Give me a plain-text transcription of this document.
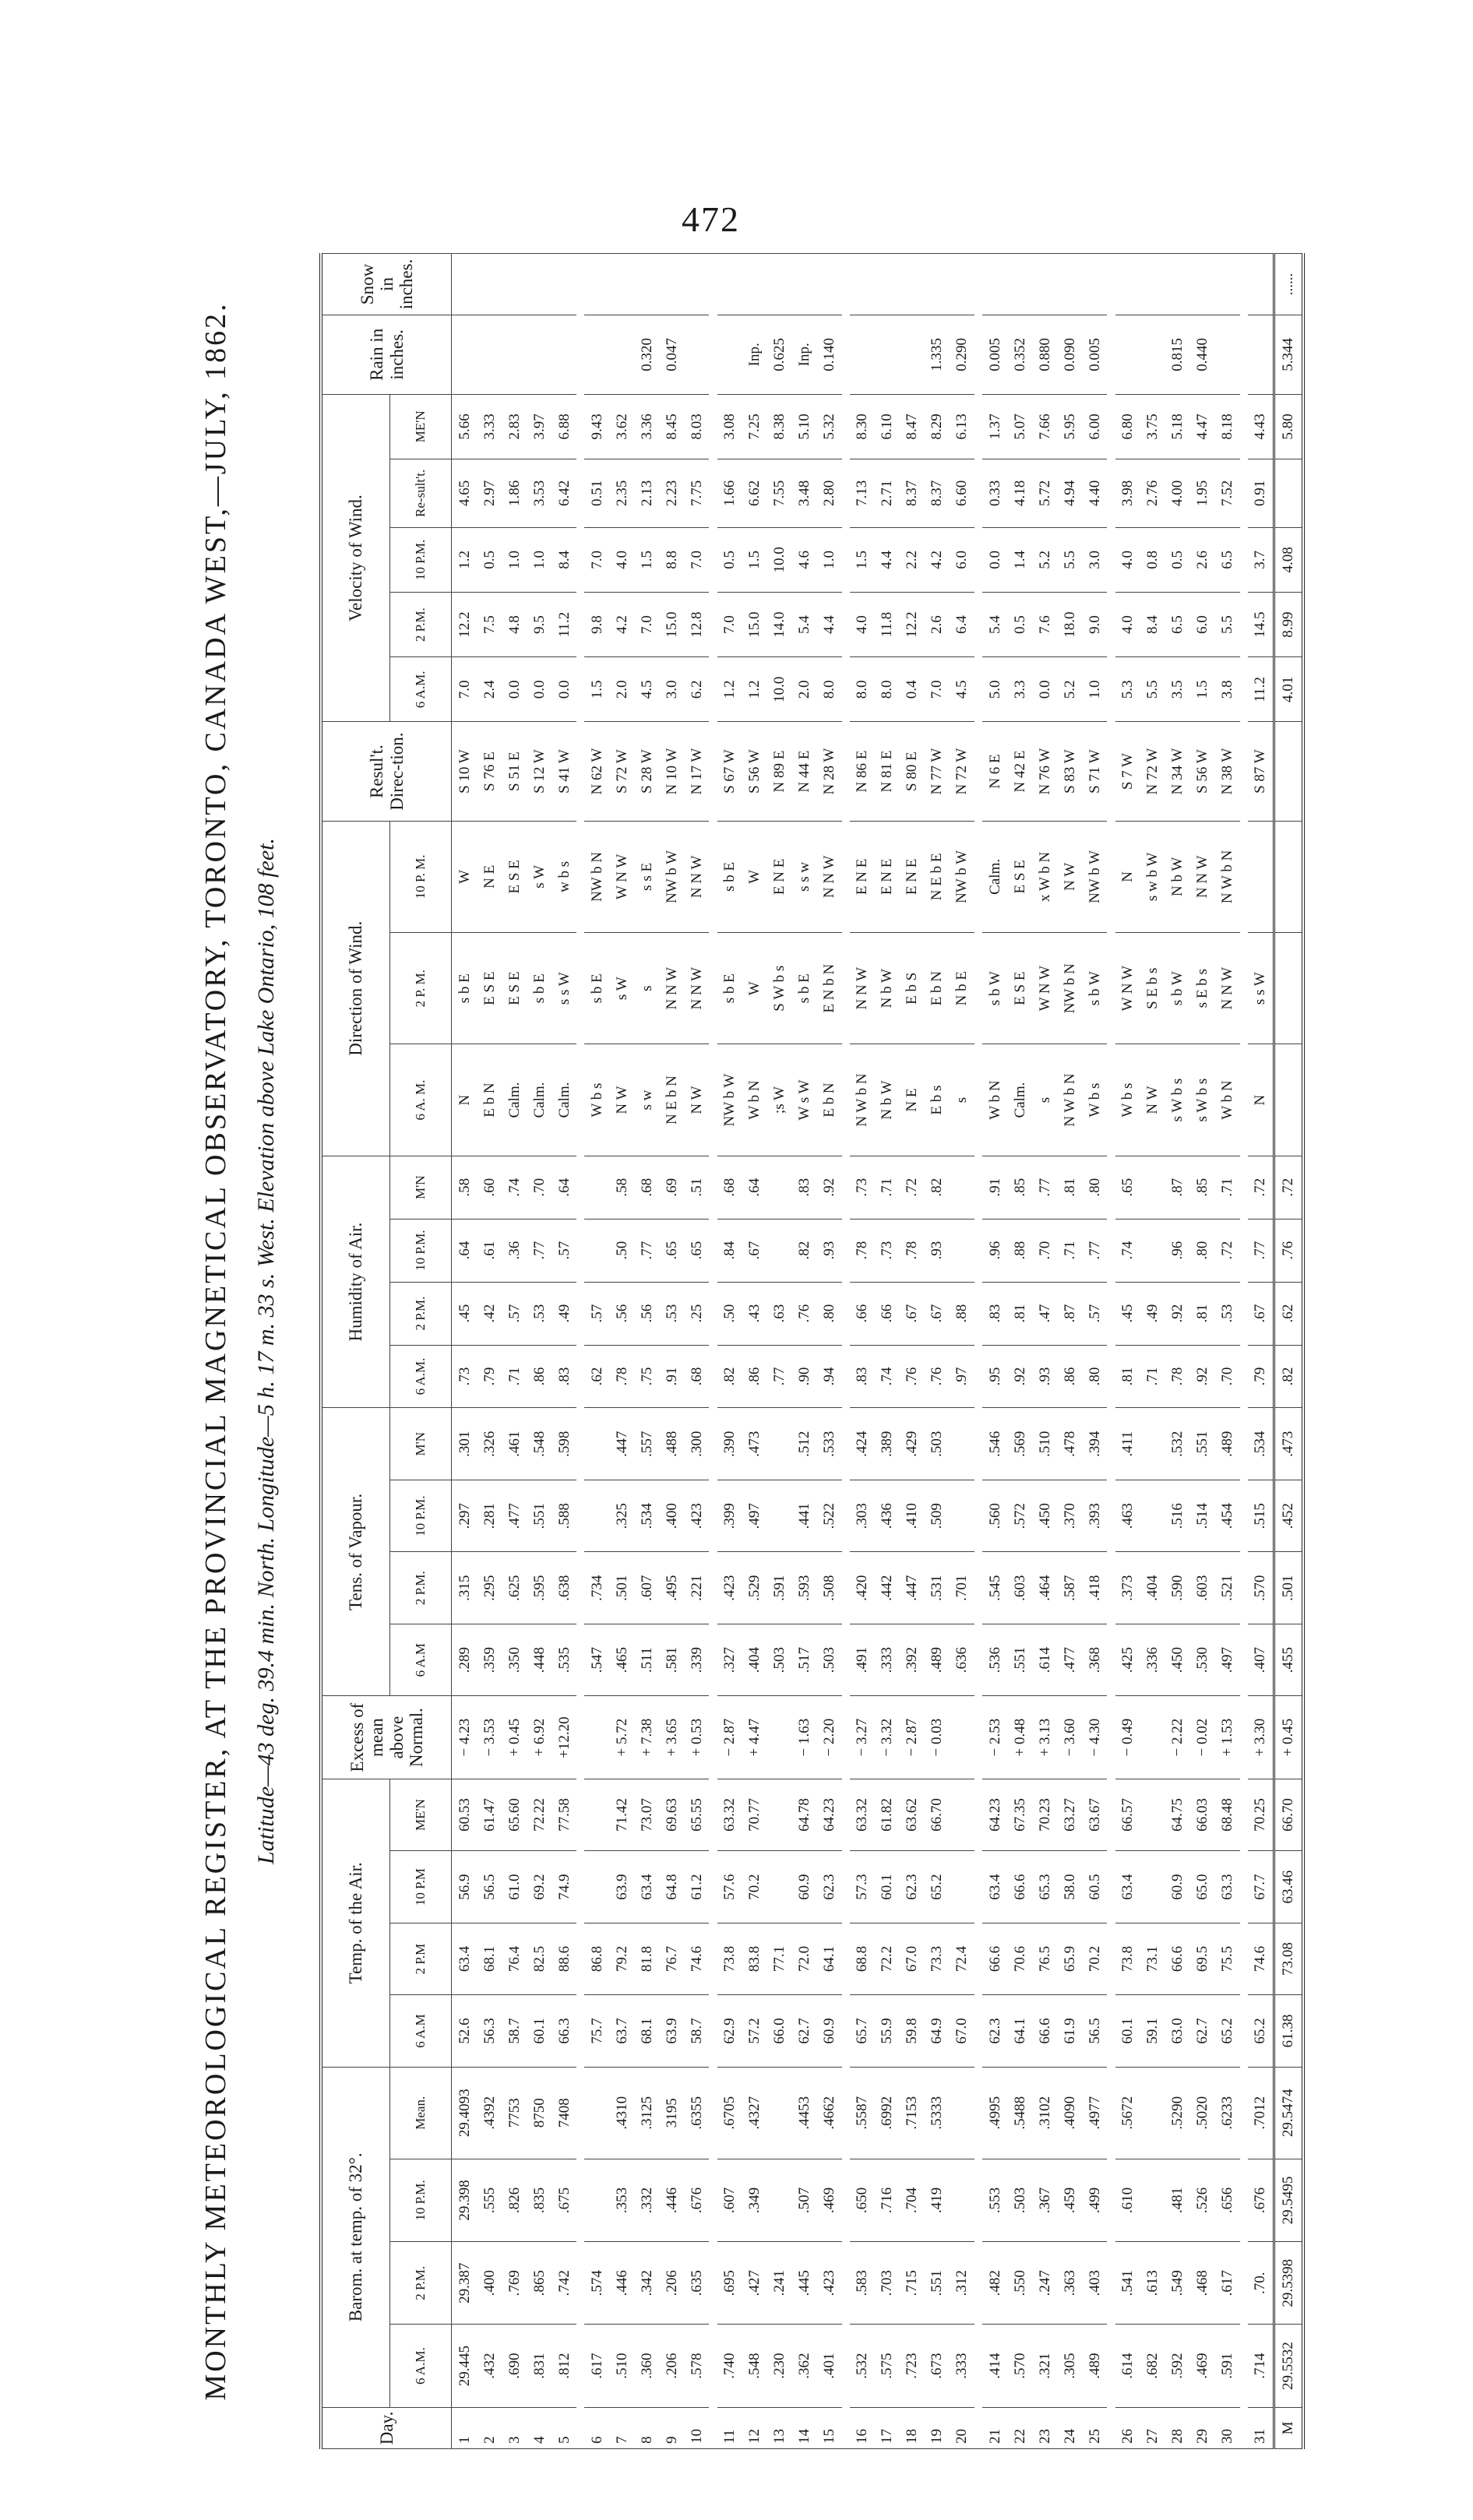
472
MONTHLY METEOROLOGICAL REGISTER, AT THE PROVINCIAL MAGNETICAL OBSERVATORY, TORONTO, CANADA WEST,—JULY, 1862. Latitude—43 deg. 39.4 min. North. Longitude—5 h. 17 m. 33 s. West. Elevation above Lake Ontario, 108 feet.
Day.	Barom. at temp. of 32°.				Temp. of the Air.				Excess of mean above Normal.	Tens. of Vapour.				Humidity of Air.				Direction of Wind.			Resul't. Direc-tion.	Velocity of Wind.					Rain in inches.	Snow in inches.
	6 A.M.	2 P.M.	10 P.M.	Mean.	6 A.M	2 P.M	10 P.M	ME'N		6 A.M	2 P.M.	10 P.M.	M'N	6 A.M.	2 P.M.	10 P.M.	M'N	6 A. M.	2 P. M.	10 P. M.		6 A.M.	2 P.M.	10 P.M.	Re-sult't.	ME'N		
1	29.445	29.387	29.398	29.4093	52.6	63.4	56.9	60.53	− 4.23	.289	.315	.297	.301	.73	.45	.64	.58	N	s b E	W	S 10 W	7.0	12.2	1.2	4.65	5.66		
2	.432	.400	.555	.4392	56.3	68.1	56.5	61.47	− 3.53	.359	.295	.281	.326	.79	.42	.61	.60	E b N	E S E	N E	S 76 E	2.4	7.5	0.5	2.97	3.33		
3	.690	.769	.826	7753	58.7	76.4	61.0	65.60	+ 0.45	.350	.625	.477	.461	.71	.57	.36	.74	Calm.	E S E	E S E	S 51 E	0.0	4.8	1.0	1.86	2.83		
4	.831	.865	.835	8750	60.1	82.5	69.2	72.22	+ 6.92	.448	.595	.551	.548	.86	.53	.77	.70	Calm.	s b E	s W	S 12 W	0.0	9.5	1.0	3.53	3.97		
5	.812	.742	.675	7408	66.3	88.6	74.9	77.58	+12.20	.535	.638	.588	.598	.83	.49	.57	.64	Calm.	s s W	w b s	S 41 W	0.0	11.2	8.4	6.42	6.88		

6	.617	.574			75.7	86.8				.547	.734			.62	.57			W b s	s b E	NW b N	N 62 W	1.5	9.8	7.0	0.51	9.43		
7	.510	.446	.353	.4310	63.7	79.2	63.9	71.42	+ 5.72	.465	.501	.325	.447	.78	.56	.50	.58	N W	s W	W N W	S 72 W	2.0	4.2	4.0	2.35	3.62		
8	.360	.342	.332	.3125	68.1	81.8	63.4	73.07	+ 7.38	.511	.607	.534	.557	.75	.56	.77	.68	s w	s	s s E	S 28 W	4.5	7.0	1.5	2.13	3.36	0.320	
9	.206	.206	.446	3195	63.9	76.7	64.8	69.63	+ 3.65	.581	.495	.400	.488	.91	.53	.65	.69	N E b N	N N W	NW b W	N 10 W	3.0	15.0	8.8	2.23	8.45	0.047	
10	.578	.635	.676	.6355	58.7	74.6	61.2	65.55	+ 0.53	.339	.221	.423	.300	.68	.25	.65	.51	N W	N N W	N N W	N 17 W	6.2	12.8	7.0	7.75	8.03		

11	.740	.695	.607	.6705	62.9	73.8	57.6	63.32	− 2.87	.327	.423	.399	.390	.82	.50	.84	.68	NW b W	s b E	s b E	S 67 W	1.2	7.0	0.5	1.66	3.08		
12	.548	.427	.349	.4327	57.2	83.8	70.2	70.77	+ 4.47	.404	.529	.497	.473	.86	.43	.67	.64	W b N	W	W	S 56 W	1.2	15.0	1.5	6.62	7.25	Inp.	
13	.230	.241			66.0	77.1				.503	.591			.77	.63			;s W	S W b s	E N E	N 89 E	10.0	14.0	10.0	7.55	8.38	0.625	
14	.362	.445	.507	.4453	62.7	72.0	60.9	64.78	− 1.63	.517	.593	.441	.512	.90	.76	.82	.83	W s W	s b E	s s w	N 44 E	2.0	5.4	4.6	3.48	5.10	Inp.	
15	.401	.423	.469	.4662	60.9	64.1	62.3	64.23	− 2.20	.503	.508	.522	.533	.94	.80	.93	.92	E b N	E N b N	N N W	N 28 W	8.0	4.4	1.0	2.80	5.32	0.140	

16	.532	.583	.650	.5587	65.7	68.8	57.3	63.32	− 3.27	.491	.420	.303	.424	.83	.66	.78	.73	N W b N	N N W	E N E	N 86 E	8.0	4.0	1.5	7.13	8.30		
17	.575	.703	.716	.6992	55.9	72.2	60.1	61.82	− 3.32	.333	.442	.436	.389	.74	.66	.73	.71	N b W	N b W	E N E	N 81 E	8.0	11.8	4.4	2.71	6.10		
18	.723	.715	.704	.7153	59.8	67.0	62.3	63.62	− 2.87	.392	.447	.410	.429	.76	.67	.78	.72	N E	E b S	E N E	S 80 E	0.4	12.2	2.2	8.37	8.47		
19	.673	.551	.419	.5333	64.9	73.3	65.2	66.70	− 0.03	.489	.531	.509	.503	.76	.67	.93	.82	E b s	E b N	N E b E	N 77 W	7.0	2.6	4.2	8.37	8.29	1.335	
20	.333	.312			67.0	72.4				.636	.701			.97	.88			s	N b E	NW b W	N 72 W	4.5	6.4	6.0	6.60	6.13	0.290	

21	.414	.482	.553	.4995	62.3	66.6	63.4	64.23	− 2.53	.536	.545	.560	.546	.95	.83	.96	.91	W b N	s b W	Calm.	N 6 E	5.0	5.4	0.0	0.33	1.37	0.005	
22	.570	.550	.503	.5488	64.1	70.6	66.6	67.35	+ 0.48	.551	.603	.572	.569	.92	.81	.88	.85	Calm.	E S E	E S E	N 42 E	3.3	0.5	1.4	4.18	5.07	0.352	
23	.321	.247	.367	.3102	66.6	76.5	65.3	70.23	+ 3.13	.614	.464	.450	.510	.93	.47	.70	.77	s	W N W	x W b N	N 76 W	0.0	7.6	5.2	5.72	7.66	0.880	
24	.305	.363	.459	.4090	61.9	65.9	58.0	63.27	− 3.60	.477	.587	.370	.478	.86	.87	.71	.81	N W b N	NW b N	N W	S 83 W	5.2	18.0	5.5	4.94	5.95	0.090	
25	.489	.403	.499	.4977	56.5	70.2	60.5	63.67	− 4.30	.368	.418	.393	.394	.80	.57	.77	.80	W b s	s b W	NW b W	S 71 W	1.0	9.0	3.0	4.40	6.00	0.005	

26	.614	.541	.610	.5672	60.1	73.8	63.4	66.57	− 0.49	.425	.373	.463	.411	.81	.45	.74	.65	W b s	W N W	N	S 7 W	5.3	4.0	4.0	3.98	6.80		
27	.682	.613			59.1	73.1				.336	.404			.71	.49			N W	S E b s	s w b W	N 72 W	5.5	8.4	0.8	2.76	3.75		
28	.592	.549	.481	.5290	63.0	66.6	60.9	64.75	− 2.22	.450	.590	.516	.532	.78	.92	.96	.87	s W b s	s b W	N b W	N 34 W	3.5	6.5	0.5	4.00	5.18	0.815	
29	.469	.468	.526	.5020	62.7	69.5	65.0	66.03	− 0.02	.530	.603	.514	.551	.92	.81	.80	.85	s W b s	s E b s	N N W	S 56 W	1.5	6.0	2.6	1.95	4.47	0.440	
30	.591	.617	.656	.6233	65.2	75.5	63.3	68.48	+ 1.53	.497	.521	.454	.489	.70	.53	.72	.71	W b N	N N W	N W b N	N 38 W	3.8	5.5	6.5	7.52	8.18		

31	.714	.70.	.676	.7012	65.2	74.6	67.7	70.25	+ 3.30	.407	.570	.515	.534	.79	.67	.77	.72	N	s s W		S 87 W	11.2	14.5	3.7	0.91	4.43		
M	29.5532	29.5398	29.5495	29.5474	61.38	73.08	63.46	66.70	+ 0.45	.455	.501	.452	.473	.82	.62	.76	.72					4.01	8.99	4.08		5.80	5.344	......
